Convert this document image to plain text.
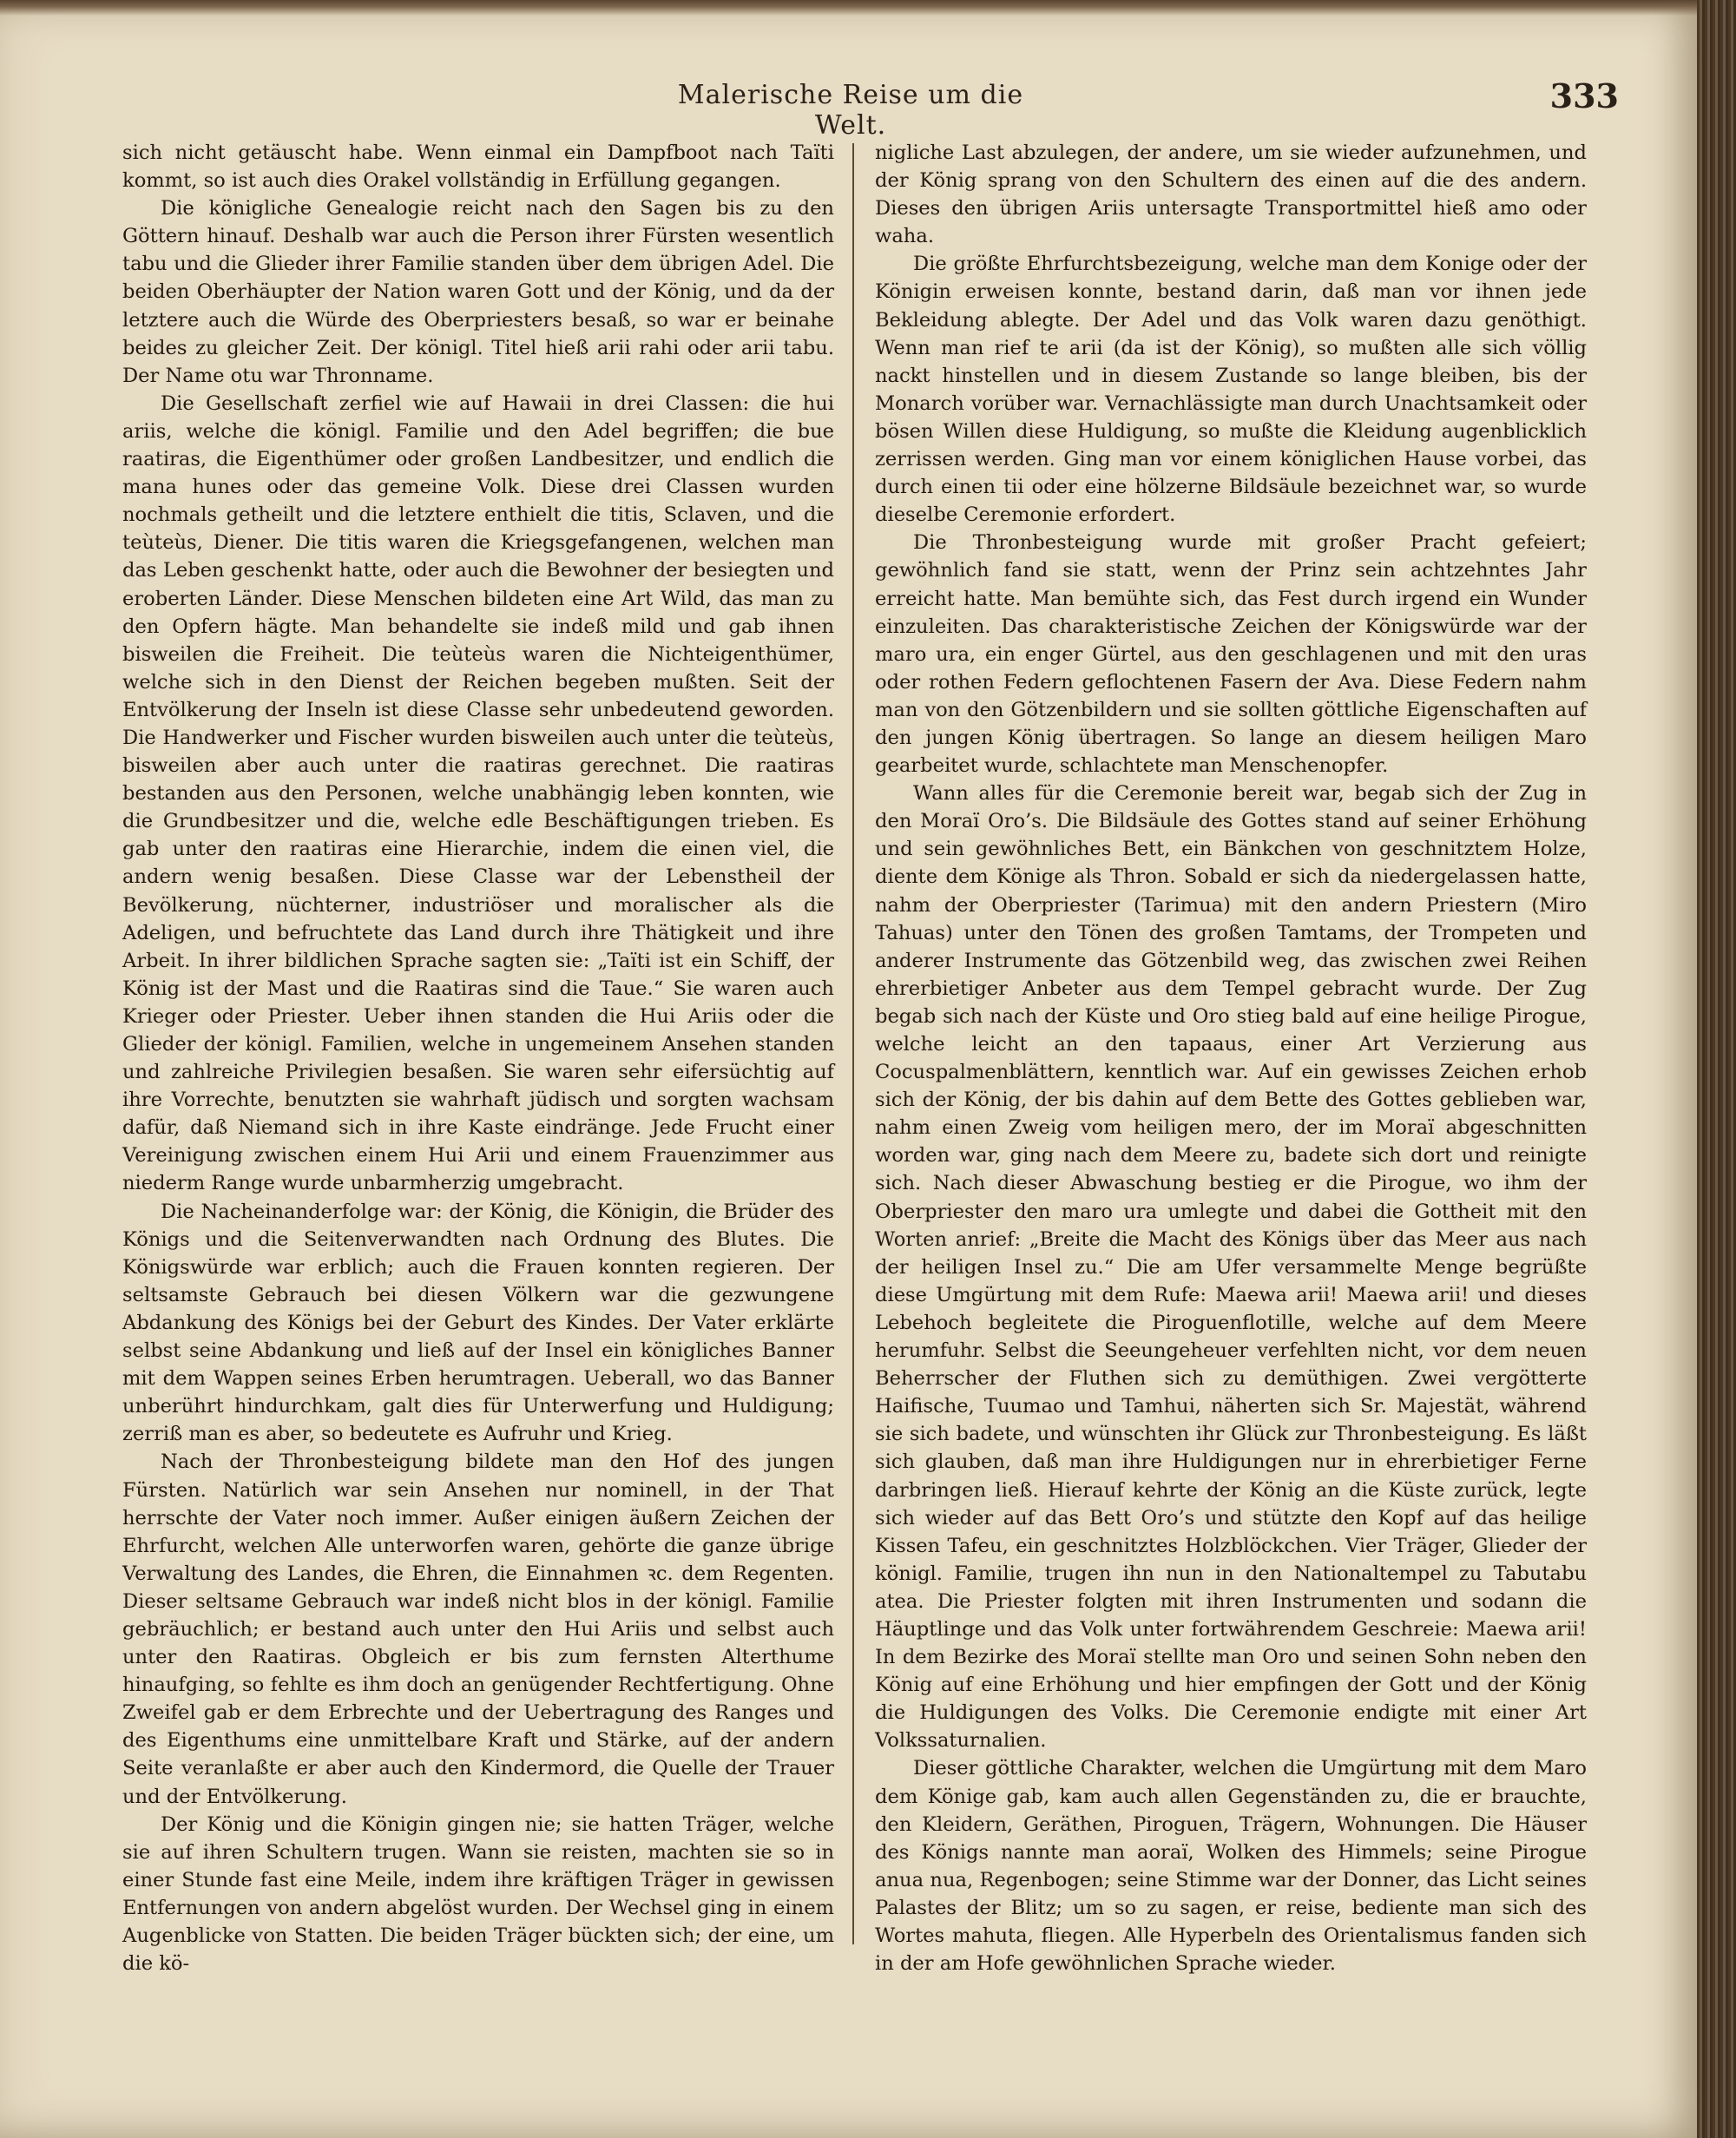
Malerische Reise um die Welt.
333

sich nicht getäuscht habe. Wenn einmal ein Dampfboot nach Taïti kommt, so ist auch dies Orakel vollständig in Erfüllung gegangen.

Die königliche Genealogie reicht nach den Sagen bis zu den Göttern hinauf. Deshalb war auch die Person ihrer Fürsten wesentlich tabu und die Glieder ihrer Familie standen über dem übrigen Adel. Die beiden Oberhäupter der Nation waren Gott und der König, und da der letztere auch die Würde des Oberpriesters besaß, so war er beinahe beides zu gleicher Zeit. Der königl. Titel hieß arii rahi oder arii tabu. Der Name otu war Thronname.

Die Gesellschaft zerfiel wie auf Hawaii in drei Classen: die hui ariis, welche die königl. Familie und den Adel begriffen; die bue raatiras, die Eigenthümer oder großen Landbesitzer, und endlich die mana hunes oder das gemeine Volk. Diese drei Classen wurden nochmals getheilt und die letztere enthielt die titis, Sclaven, und die teùteùs, Diener. Die titis waren die Kriegsgefangenen, welchen man das Leben geschenkt hatte, oder auch die Bewohner der besiegten und eroberten Länder. Diese Menschen bildeten eine Art Wild, das man zu den Opfern hägte. Man behandelte sie indeß mild und gab ihnen bisweilen die Freiheit. Die teùteùs waren die Nichteigenthümer, welche sich in den Dienst der Reichen begeben mußten. Seit der Entvölkerung der Inseln ist diese Classe sehr unbedeutend geworden. Die Handwerker und Fischer wurden bisweilen auch unter die teùteùs, bisweilen aber auch unter die raatiras gerechnet. Die raatiras bestanden aus den Personen, welche unabhängig leben konnten, wie die Grundbesitzer und die, welche edle Beschäftigungen trieben. Es gab unter den raatiras eine Hierarchie, indem die einen viel, die andern wenig besaßen. Diese Classe war der Lebenstheil der Bevölkerung, nüchterner, industriöser und moralischer als die Adeligen, und befruchtete das Land durch ihre Thätigkeit und ihre Arbeit. In ihrer bildlichen Sprache sagten sie: „Taïti ist ein Schiff, der König ist der Mast und die Raatiras sind die Taue.“ Sie waren auch Krieger oder Priester. Ueber ihnen standen die Hui Ariis oder die Glieder der königl. Familien, welche in ungemeinem Ansehen standen und zahlreiche Privilegien besaßen. Sie waren sehr eifersüchtig auf ihre Vorrechte, benutzten sie wahrhaft jüdisch und sorgten wachsam dafür, daß Niemand sich in ihre Kaste eindränge. Jede Frucht einer Vereinigung zwischen einem Hui Arii und einem Frauenzimmer aus niederm Range wurde unbarmherzig umgebracht.

Die Nacheinanderfolge war: der König, die Königin, die Brüder des Königs und die Seitenverwandten nach Ordnung des Blutes. Die Königswürde war erblich; auch die Frauen konnten regieren. Der seltsamste Gebrauch bei diesen Völkern war die gezwungene Abdankung des Königs bei der Geburt des Kindes. Der Vater erklärte selbst seine Abdankung und ließ auf der Insel ein königliches Banner mit dem Wappen seines Erben herumtragen. Ueberall, wo das Banner unberührt hindurchkam, galt dies für Unterwerfung und Huldigung; zerriß man es aber, so bedeutete es Aufruhr und Krieg.

Nach der Thronbesteigung bildete man den Hof des jungen Fürsten. Natürlich war sein Ansehen nur nominell, in der That herrschte der Vater noch immer. Außer einigen äußern Zeichen der Ehrfurcht, welchen Alle unterworfen waren, gehörte die ganze übrige Verwaltung des Landes, die Ehren, die Einnahmen ꝛc. dem Regenten. Dieser seltsame Gebrauch war indeß nicht blos in der königl. Familie gebräuchlich; er bestand auch unter den Hui Ariis und selbst auch unter den Raatiras. Obgleich er bis zum fernsten Alterthume hinaufging, so fehlte es ihm doch an genügender Rechtfertigung. Ohne Zweifel gab er dem Erbrechte und der Uebertragung des Ranges und des Eigenthums eine unmittelbare Kraft und Stärke, auf der andern Seite veranlaßte er aber auch den Kindermord, die Quelle der Trauer und der Entvölkerung.

Der König und die Königin gingen nie; sie hatten Träger, welche sie auf ihren Schultern trugen. Wann sie reisten, machten sie so in einer Stunde fast eine Meile, indem ihre kräftigen Träger in gewissen Entfernungen von andern abgelöst wurden. Der Wechsel ging in einem Augenblicke von Statten. Die beiden Träger bückten sich; der eine, um die kö-

nigliche Last abzulegen, der andere, um sie wieder aufzunehmen, und der König sprang von den Schultern des einen auf die des andern. Dieses den übrigen Ariis untersagte Transportmittel hieß amo oder waha.

Die größte Ehrfurchtsbezeigung, welche man dem Konige oder der Königin erweisen konnte, bestand darin, daß man vor ihnen jede Bekleidung ablegte. Der Adel und das Volk waren dazu genöthigt. Wenn man rief te arii (da ist der König), so mußten alle sich völlig nackt hinstellen und in diesem Zustande so lange bleiben, bis der Monarch vorüber war. Vernachlässigte man durch Unachtsamkeit oder bösen Willen diese Huldigung, so mußte die Kleidung augenblicklich zerrissen werden. Ging man vor einem königlichen Hause vorbei, das durch einen tii oder eine hölzerne Bildsäule bezeichnet war, so wurde dieselbe Ceremonie erfordert.

Die Thronbesteigung wurde mit großer Pracht gefeiert; gewöhnlich fand sie statt, wenn der Prinz sein achtzehntes Jahr erreicht hatte. Man bemühte sich, das Fest durch irgend ein Wunder einzuleiten. Das charakteristische Zeichen der Königswürde war der maro ura, ein enger Gürtel, aus den geschlagenen und mit den uras oder rothen Federn geflochtenen Fasern der Ava. Diese Federn nahm man von den Götzenbildern und sie sollten göttliche Eigenschaften auf den jungen König übertragen. So lange an diesem heiligen Maro gearbeitet wurde, schlachtete man Menschenopfer.

Wann alles für die Ceremonie bereit war, begab sich der Zug in den Moraï Oro’s. Die Bildsäule des Gottes stand auf seiner Erhöhung und sein gewöhnliches Bett, ein Bänkchen von geschnitztem Holze, diente dem Könige als Thron. Sobald er sich da niedergelassen hatte, nahm der Oberpriester (Tarimua) mit den andern Priestern (Miro Tahuas) unter den Tönen des großen Tamtams, der Trompeten und anderer Instrumente das Götzenbild weg, das zwischen zwei Reihen ehrerbietiger Anbeter aus dem Tempel gebracht wurde. Der Zug begab sich nach der Küste und Oro stieg bald auf eine heilige Pirogue, welche leicht an den tapaaus, einer Art Verzierung aus Cocuspalmenblättern, kenntlich war. Auf ein gewisses Zeichen erhob sich der König, der bis dahin auf dem Bette des Gottes geblieben war, nahm einen Zweig vom heiligen mero, der im Moraï abgeschnitten worden war, ging nach dem Meere zu, badete sich dort und reinigte sich. Nach dieser Abwaschung bestieg er die Pirogue, wo ihm der Oberpriester den maro ura umlegte und dabei die Gottheit mit den Worten anrief: „Breite die Macht des Königs über das Meer aus nach der heiligen Insel zu.“ Die am Ufer versammelte Menge begrüßte diese Umgürtung mit dem Rufe: Maewa arii! Maewa arii! und dieses Lebehoch begleitete die Piroguenflotille, welche auf dem Meere herumfuhr. Selbst die Seeungeheuer verfehlten nicht, vor dem neuen Beherrscher der Fluthen sich zu demüthigen. Zwei vergötterte Haifische, Tuumao und Tamhui, näherten sich Sr. Majestät, während sie sich badete, und wünschten ihr Glück zur Thronbesteigung. Es läßt sich glauben, daß man ihre Huldigungen nur in ehrerbietiger Ferne darbringen ließ. Hierauf kehrte der König an die Küste zurück, legte sich wieder auf das Bett Oro’s und stützte den Kopf auf das heilige Kissen Tafeu, ein geschnitztes Holzblöckchen. Vier Träger, Glieder der königl. Familie, trugen ihn nun in den Nationaltempel zu Tabutabu atea. Die Priester folgten mit ihren Instrumenten und sodann die Häuptlinge und das Volk unter fortwährendem Geschreie: Maewa arii! In dem Bezirke des Moraï stellte man Oro und seinen Sohn neben den König auf eine Erhöhung und hier empfingen der Gott und der König die Huldigungen des Volks. Die Ceremonie endigte mit einer Art Volkssaturnalien.

Dieser göttliche Charakter, welchen die Umgürtung mit dem Maro dem Könige gab, kam auch allen Gegenständen zu, die er brauchte, den Kleidern, Geräthen, Piroguen, Trägern, Wohnungen. Die Häuser des Königs nannte man aoraï, Wolken des Himmels; seine Pirogue anua nua, Regenbogen; seine Stimme war der Donner, das Licht seines Palastes der Blitz; um so zu sagen, er reise, bediente man sich des Wortes mahuta, fliegen. Alle Hyperbeln des Orientalismus fanden sich in der am Hofe gewöhnlichen Sprache wieder.
